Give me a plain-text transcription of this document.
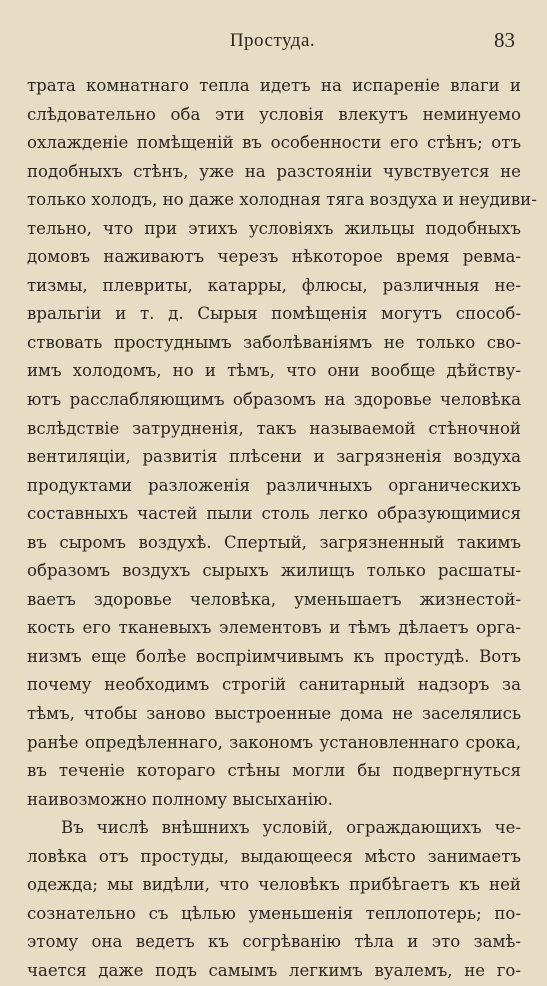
Простуда.	83
трата комнатнаго тепла идетъ на испареніе влаги и
слѣдовательно оба эти условія влекутъ неминуемо
охлажденіе помѣщеній въ особенности его стѣнъ; отъ
подобныхъ стѣнъ, уже на разстояніи чувствуется не
только холодъ, но даже холодная тяга воздуха и неудиви-
тельно, что при этихъ условіяхъ жильцы подобныхъ
домовъ наживаютъ черезъ нѣкоторое время ревма-
тизмы, плевриты, катарры, флюсы, различныя не-
вральгіи и т. д. Сырыя помѣщенія могутъ способ-
ствовать простуднымъ заболѣваніямъ не только сво-
имъ холодомъ, но и тѣмъ, что они вообще дѣйству-
ютъ расслабляющимъ образомъ на здоровье человѣка
вслѣдствіе затрудненія, такъ называемой стѣночной
вентиляціи, развитія плѣсени и загрязненія воздуха
продуктами разложенія различныхъ органическихъ
составныхъ частей пыли столь легко образующимися
въ сыромъ воздухѣ. Спертый, загрязненный такимъ
образомъ воздухъ сырыхъ жилищъ только расшаты-
ваетъ здоровье человѣка, уменьшаетъ жизнестой-
кость его тканевыхъ элементовъ и тѣмъ дѣлаетъ орга-
низмъ еще болѣе воспріимчивымъ къ простудѣ. Вотъ
почему необходимъ строгій санитарный надзоръ за
тѣмъ, чтобы заново выстроенные дома не заселялись
ранѣе опредѣленнаго, закономъ установленнаго срока,
въ теченіе котораго стѣны могли бы подвергнуться
наивозможно полному высыханію.
Въ числѣ внѣшнихъ условій, ограждающихъ че-
ловѣка отъ простуды, выдающееся мѣсто занимаетъ
одежда; мы видѣли, что человѣкъ прибѣгаетъ къ ней
сознательно съ цѣлью уменьшенія теплопотерь; по-
этому она ведетъ къ согрѣванію тѣла и это замѣ-
чается даже подъ самымъ легкимъ вуалемъ, не го-
